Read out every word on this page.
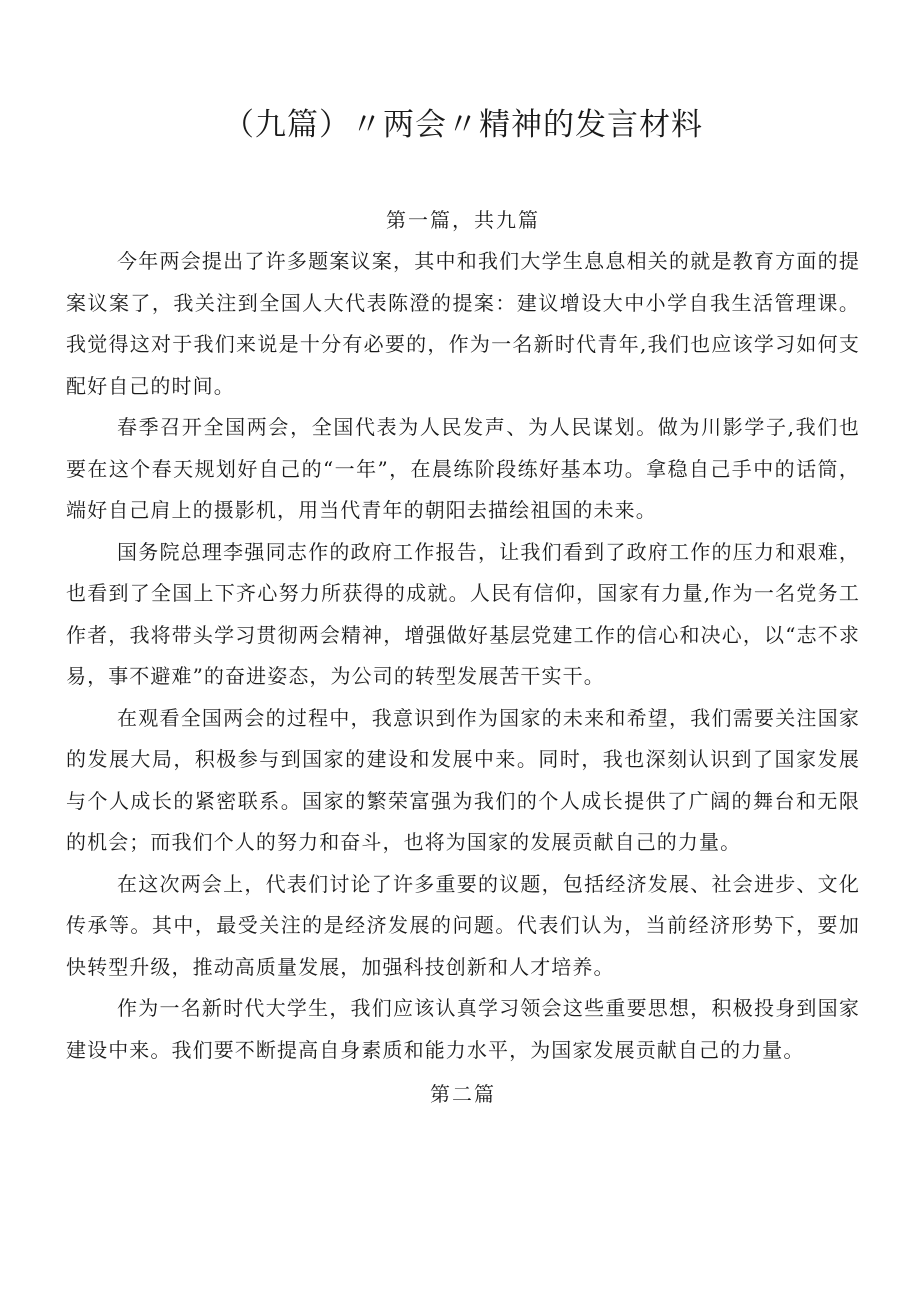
（九篇）〃两会〃精神的发言材料
第一篇，共九篇

今年两会提出了许多题案议案，其中和我们大学生息息相关的就是教育方面的提案议案了，我关注到全国人大代表陈澄的提案：建议增设大中小学自我生活管理课。我觉得这对于我们来说是十分有必要的，作为一名新时代青年,我们也应该学习如何支配好自己的时间。

春季召开全国两会，全国代表为人民发声、为人民谋划。做为川影学子,我们也要在这个春天规划好自己的“一年”，在晨练阶段练好基本功。拿稳自己手中的话筒，端好自己肩上的摄影机，用当代青年的朝阳去描绘祖国的未来。

国务院总理李强同志作的政府工作报告，让我们看到了政府工作的压力和艰难，也看到了全国上下齐心努力所获得的成就。人民有信仰，国家有力量,作为一名党务工作者，我将带头学习贯彻两会精神，增强做好基层党建工作的信心和决心，以“志不求易，事不避难”的奋进姿态，为公司的转型发展苦干实干。

在观看全国两会的过程中，我意识到作为国家的未来和希望，我们需要关注国家的发展大局，积极参与到国家的建设和发展中来。同时，我也深刻认识到了国家发展与个人成长的紧密联系。国家的繁荣富强为我们的个人成长提供了广阔的舞台和无限的机会；而我们个人的努力和奋斗，也将为国家的发展贡献自己的力量。

在这次两会上，代表们讨论了许多重要的议题，包括经济发展、社会进步、文化传承等。其中，最受关注的是经济发展的问题。代表们认为，当前经济形势下，要加快转型升级，推动高质量发展，加强科技创新和人才培养。

作为一名新时代大学生，我们应该认真学习领会这些重要思想，积极投身到国家建设中来。我们要不断提高自身素质和能力水平，为国家发展贡献自己的力量。

第二篇
